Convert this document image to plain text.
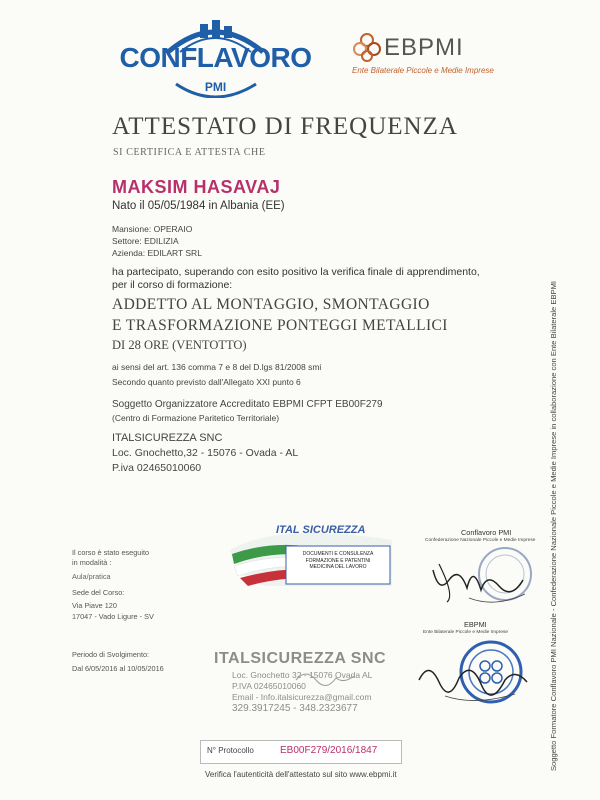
CONFLAVORO
PMI
EBPMI
Ente Bilaterale Piccole e Medie Imprese
ATTESTATO DI FREQUENZA
SI CERTIFICA E ATTESTA CHE
MAKSIM HASAVAJ
Nato il 05/05/1984 in Albania (EE)
Mansione: OPERAIO
Settore: EDILIZIA
Azienda: EDILART SRL
ha partecipato, superando con esito positivo la verifica finale di apprendimento,
per il corso di formazione:
ADDETTO AL MONTAGGIO, SMONTAGGIO
E TRASFORMAZIONE PONTEGGI METALLICI
DI 28 ORE (VENTOTTO)
ai sensi del art. 136 comma 7 e 8 del D.lgs 81/2008 smi
Secondo quanto previsto dall'Allegato XXI punto 6
Soggetto Organizzatore Accreditato EBPMI CFPT EB00F279
(Centro di Formazione Paritetico Territoriale)
ITALSICUREZZA SNC
Loc. Gnochetto,32 - 15076 - Ovada - AL
P.iva 02465010060
ITAL SICUREZZA
DOCUMENTI E CONSULENZA
FORMAZIONE E PATENTINI
MEDICINA DEL LAVORO
Il corso è stato eseguito
in modalità :
Aula/pratica
Sede del Corso:
Via Piave 120
17047 - Vado Ligure - SV
Periodo di Svolgimento:
Dal 6/05/2016 al 10/05/2016
ITALSICUREZZA SNC
Loc. Gnochetto 32 - 15076 Ovada AL
P.IVA 02465010060
Email - Info.italsicurezza@gmail.com
329.3917245 - 348.2323677
Conflavoro PMI
Confederazione Nazionale Piccole e Medie Imprese
EBPMI
Ente Bilaterale Piccole e Medie Imprese
N° Protocollo	EB00F279/2016/1847
Verifica l'autenticità dell'attestato sul sito www.ebpmi.it
Soggetto Formatore Conflavoro PMI Nazionale - Confederazione Nazionale Piccole e Medie Imprese in collaborazione con Ente Bilaterale EBPMI
